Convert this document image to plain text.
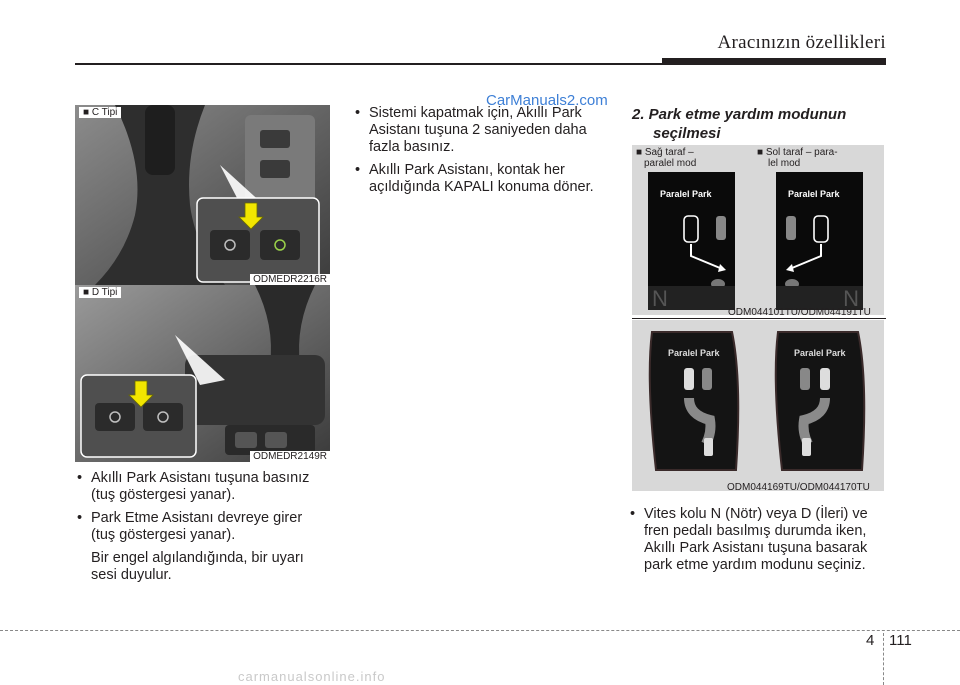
Aracınızın özellikleri
CarManuals2.com
■ C Tipi
ODMEDR2216R
■ D Tipi
ODMEDR2149R
• Akıllı Park Asistanı tuşuna basınız
(tuş göstergesi yanar).
• Park Etme Asistanı devreye girer
(tuş göstergesi yanar).
Bir engel algılandığında, bir uyarı
sesi duyulur.
• Sistemi kapatmak için, Akıllı Park
Asistanı tuşuna 2 saniyeden daha
fazla basınız.
• Akıllı Park Asistanı, kontak her
açıldığında KAPALI konuma döner.
2. Park etme yardım modunun
seçilmesi
■ Sağ taraf –
paralel mod
■ Sol taraf – para-
lel mod
Paralel Park
N
Paralel Park
N
ODM044101TU/ODM044191TU
Paralel Park	Paralel Park
ODM044169TU/ODM044170TU
• Vites kolu N (Nötr) veya D (İleri) ve
fren pedalı basılmış durumda iken,
Akıllı Park Asistanı tuşuna basarak
park etme yardım modunu seçiniz.
4 111
carmanualsonline.info
